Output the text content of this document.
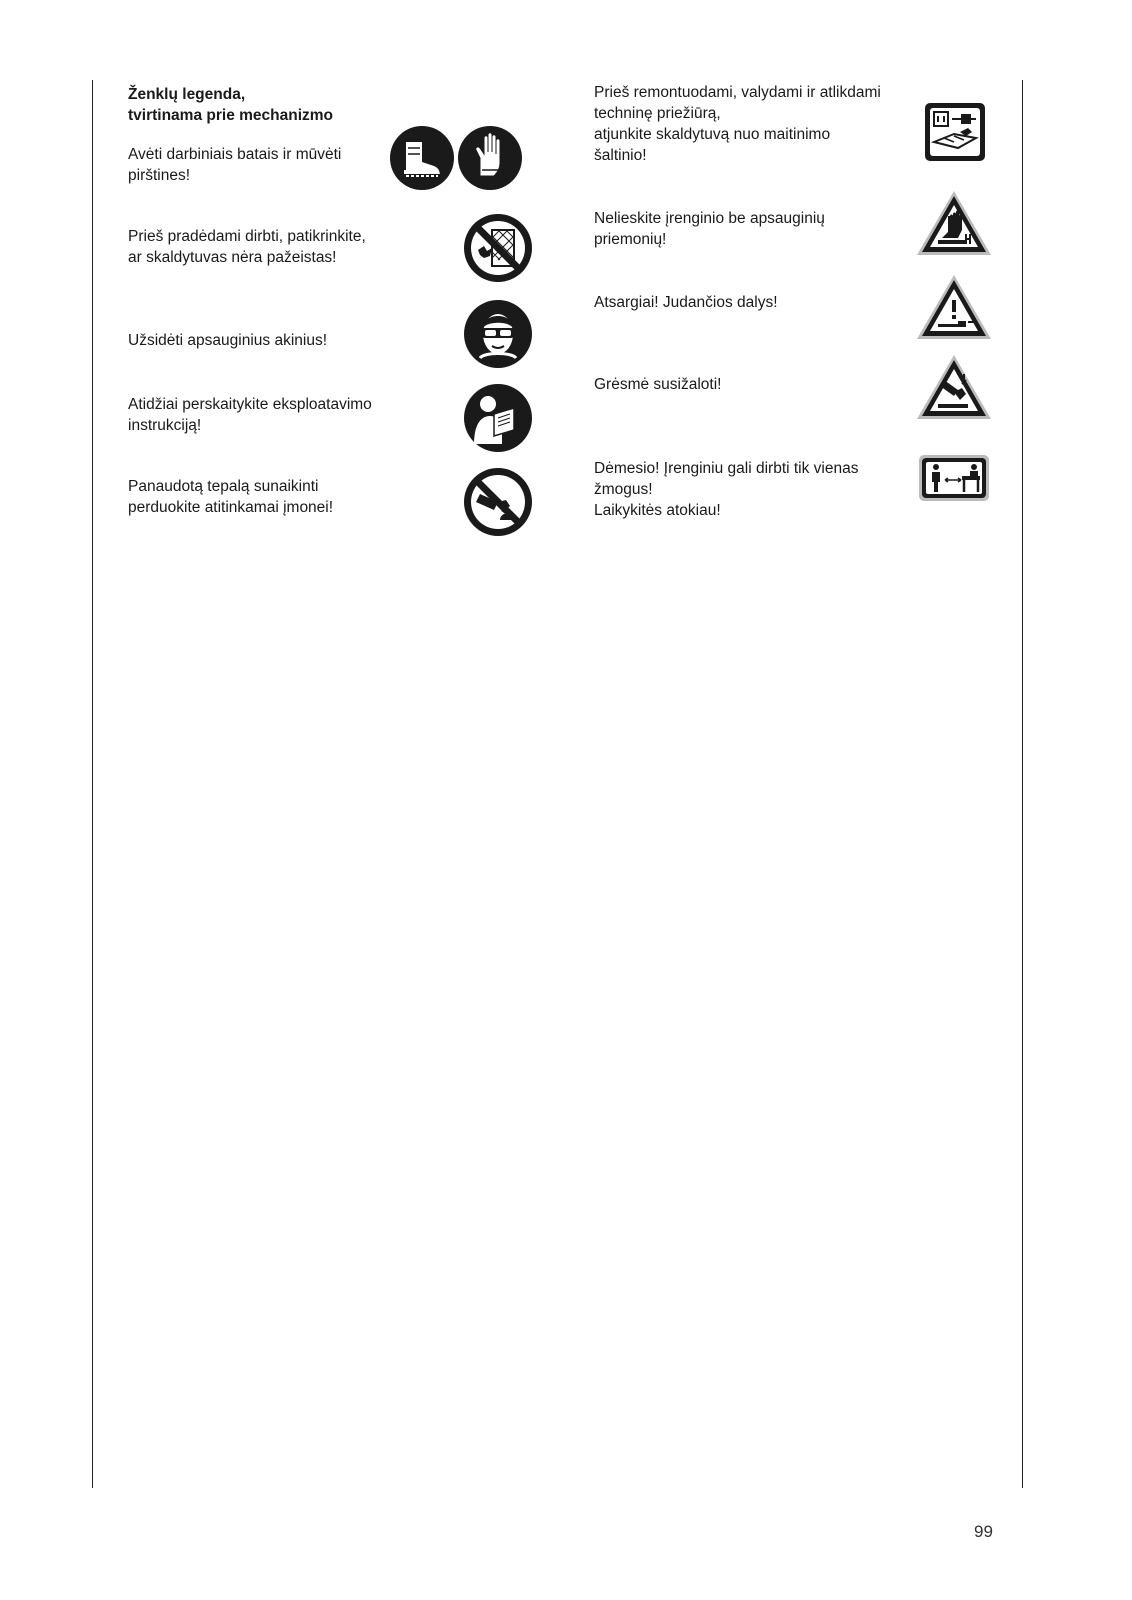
Ženklų legenda,
tvirtinama prie mechanizmo
Avėti darbiniais batais ir mūvėti
pirštines!
Prieš pradėdami dirbti, patikrinkite,
ar skaldytuvas nėra pažeistas!
Užsidėti apsauginius akinius!
Atidžiai perskaitykite eksploatavimo
instrukciją!
Panaudotą tepalą sunaikinti
perduokite atitinkamai įmonei!
Prieš remontuodami, valydami ir atlikdami
techninę priežiūrą,
atjunkite skaldytuvą nuo maitinimo
šaltinio!
Nelieskite įrenginio be apsauginių
priemonių!
Atsargiai! Judančios dalys!
Grėsmė susižaloti!
Dėmesio! Įrenginiu gali dirbti tik vienas
žmogus!
Laikykitės atokiau!
99
